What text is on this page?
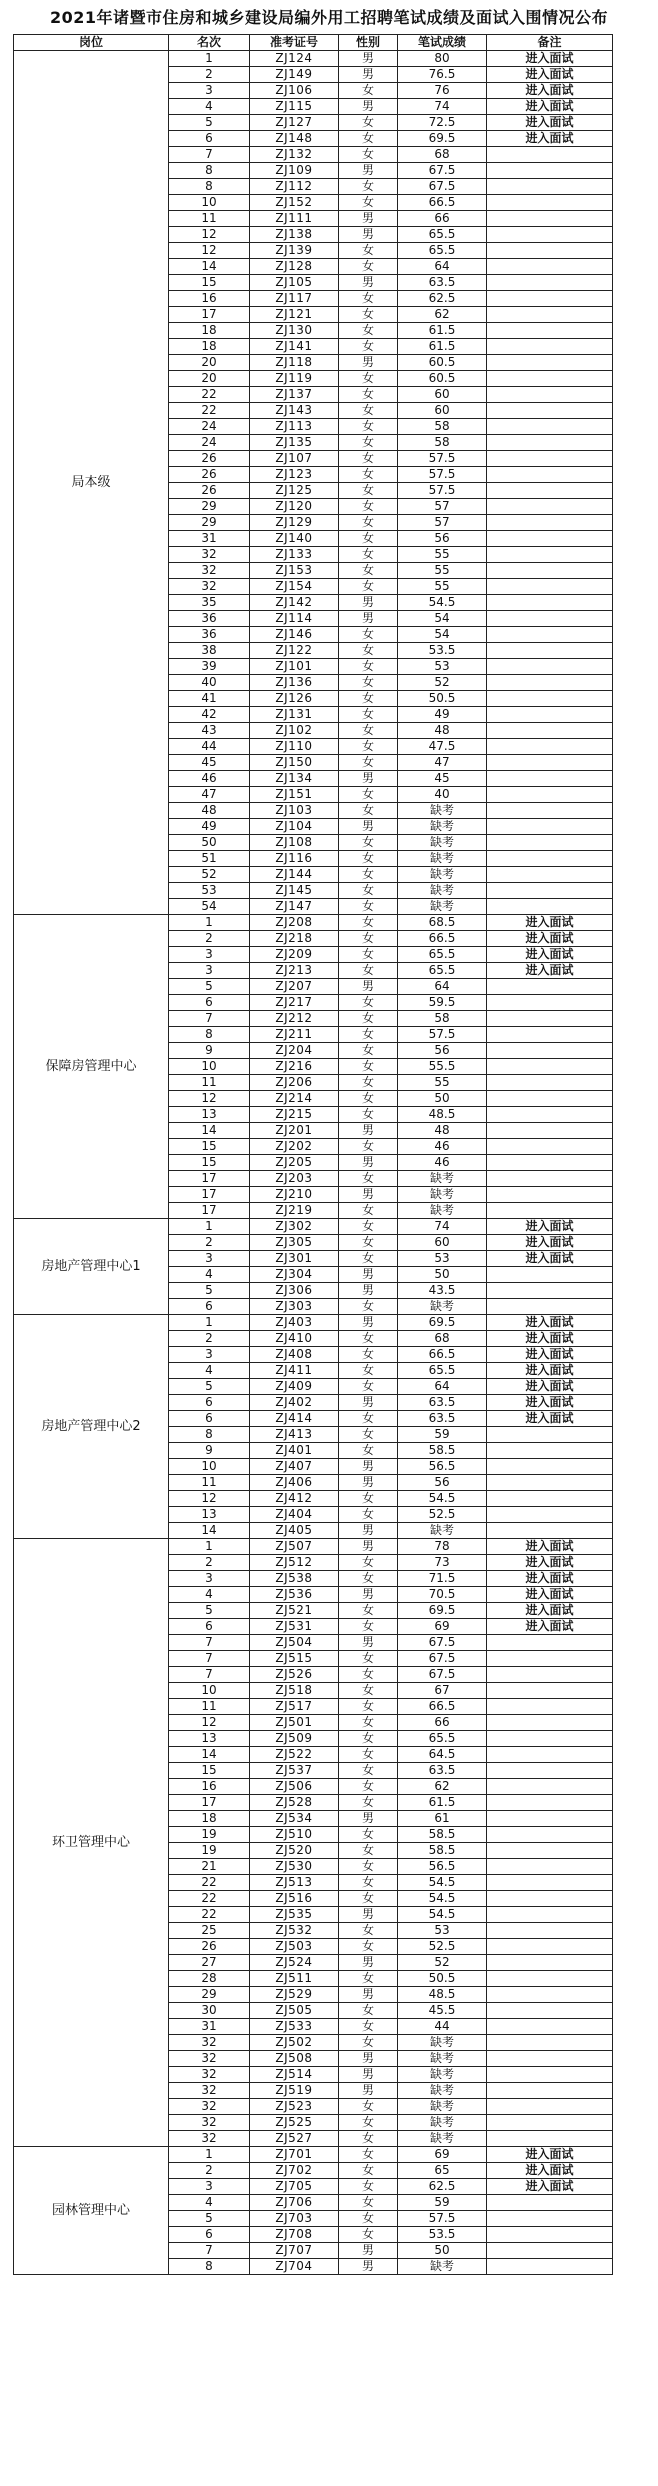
2021年诸暨市住房和城乡建设局编外用工招聘笔试成绩及面试入围情况公布
岗位	名次	准考证号	性别	笔试成绩	备注
局本级	1	ZJ124	男	80	进入面试
	2	ZJ149	男	76.5	进入面试
	3	ZJ106	女	76	进入面试
	4	ZJ115	男	74	进入面试
	5	ZJ127	女	72.5	进入面试
	6	ZJ148	女	69.5	进入面试
	7	ZJ132	女	68	
	8	ZJ109	男	67.5	
	8	ZJ112	女	67.5	
	10	ZJ152	女	66.5	
	11	ZJ111	男	66	
	12	ZJ138	男	65.5	
	12	ZJ139	女	65.5	
	14	ZJ128	女	64	
	15	ZJ105	男	63.5	
	16	ZJ117	女	62.5	
	17	ZJ121	女	62	
	18	ZJ130	女	61.5	
	18	ZJ141	女	61.5	
	20	ZJ118	男	60.5	
	20	ZJ119	女	60.5	
	22	ZJ137	女	60	
	22	ZJ143	女	60	
	24	ZJ113	女	58	
	24	ZJ135	女	58	
	26	ZJ107	女	57.5	
	26	ZJ123	女	57.5	
	26	ZJ125	女	57.5	
	29	ZJ120	女	57	
	29	ZJ129	女	57	
	31	ZJ140	女	56	
	32	ZJ133	女	55	
	32	ZJ153	女	55	
	32	ZJ154	女	55	
	35	ZJ142	男	54.5	
	36	ZJ114	男	54	
	36	ZJ146	女	54	
	38	ZJ122	女	53.5	
	39	ZJ101	女	53	
	40	ZJ136	女	52	
	41	ZJ126	女	50.5	
	42	ZJ131	女	49	
	43	ZJ102	女	48	
	44	ZJ110	女	47.5	
	45	ZJ150	女	47	
	46	ZJ134	男	45	
	47	ZJ151	女	40	
	48	ZJ103	女	缺考	
	49	ZJ104	男	缺考	
	50	ZJ108	女	缺考	
	51	ZJ116	女	缺考	
	52	ZJ144	女	缺考	
	53	ZJ145	女	缺考	
	54	ZJ147	女	缺考	
保障房管理中心	1	ZJ208	女	68.5	进入面试
	2	ZJ218	女	66.5	进入面试
	3	ZJ209	女	65.5	进入面试
	3	ZJ213	女	65.5	进入面试
	5	ZJ207	男	64	
	6	ZJ217	女	59.5	
	7	ZJ212	女	58	
	8	ZJ211	女	57.5	
	9	ZJ204	女	56	
	10	ZJ216	女	55.5	
	11	ZJ206	女	55	
	12	ZJ214	女	50	
	13	ZJ215	女	48.5	
	14	ZJ201	男	48	
	15	ZJ202	女	46	
	15	ZJ205	男	46	
	17	ZJ203	女	缺考	
	17	ZJ210	男	缺考	
	17	ZJ219	女	缺考	
房地产管理中心1	1	ZJ302	女	74	进入面试
	2	ZJ305	女	60	进入面试
	3	ZJ301	女	53	进入面试
	4	ZJ304	男	50	
	5	ZJ306	男	43.5	
	6	ZJ303	女	缺考	
房地产管理中心2	1	ZJ403	男	69.5	进入面试
	2	ZJ410	女	68	进入面试
	3	ZJ408	女	66.5	进入面试
	4	ZJ411	女	65.5	进入面试
	5	ZJ409	女	64	进入面试
	6	ZJ402	男	63.5	进入面试
	6	ZJ414	女	63.5	进入面试
	8	ZJ413	女	59	
	9	ZJ401	女	58.5	
	10	ZJ407	男	56.5	
	11	ZJ406	男	56	
	12	ZJ412	女	54.5	
	13	ZJ404	女	52.5	
	14	ZJ405	男	缺考	
环卫管理中心	1	ZJ507	男	78	进入面试
	2	ZJ512	女	73	进入面试
	3	ZJ538	女	71.5	进入面试
	4	ZJ536	男	70.5	进入面试
	5	ZJ521	女	69.5	进入面试
	6	ZJ531	女	69	进入面试
	7	ZJ504	男	67.5	
	7	ZJ515	女	67.5	
	7	ZJ526	女	67.5	
	10	ZJ518	女	67	
	11	ZJ517	女	66.5	
	12	ZJ501	女	66	
	13	ZJ509	女	65.5	
	14	ZJ522	女	64.5	
	15	ZJ537	女	63.5	
	16	ZJ506	女	62	
	17	ZJ528	女	61.5	
	18	ZJ534	男	61	
	19	ZJ510	女	58.5	
	19	ZJ520	女	58.5	
	21	ZJ530	女	56.5	
	22	ZJ513	女	54.5	
	22	ZJ516	女	54.5	
	22	ZJ535	男	54.5	
	25	ZJ532	女	53	
	26	ZJ503	女	52.5	
	27	ZJ524	男	52	
	28	ZJ511	女	50.5	
	29	ZJ529	男	48.5	
	30	ZJ505	女	45.5	
	31	ZJ533	女	44	
	32	ZJ502	女	缺考	
	32	ZJ508	男	缺考	
	32	ZJ514	男	缺考	
	32	ZJ519	男	缺考	
	32	ZJ523	女	缺考	
	32	ZJ525	女	缺考	
	32	ZJ527	女	缺考	
园林管理中心	1	ZJ701	女	69	进入面试
	2	ZJ702	女	65	进入面试
	3	ZJ705	女	62.5	进入面试
	4	ZJ706	女	59	
	5	ZJ703	女	57.5	
	6	ZJ708	女	53.5	
	7	ZJ707	男	50	
	8	ZJ704	男	缺考	
